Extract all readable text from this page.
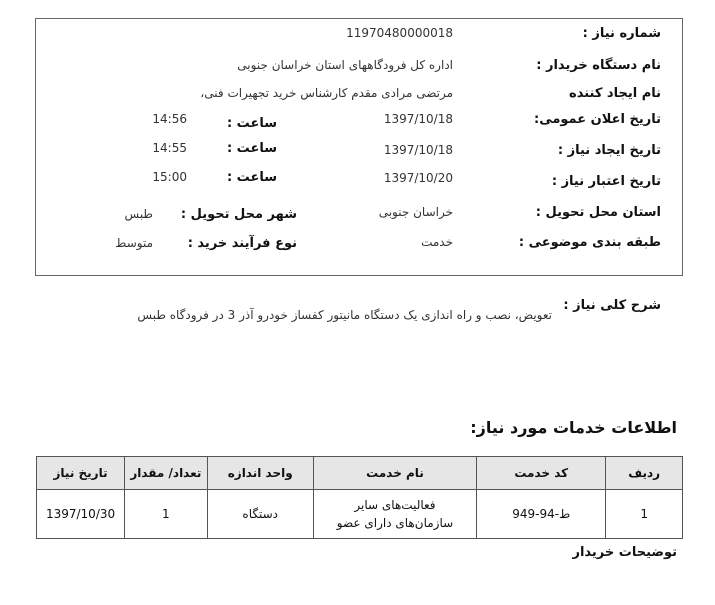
شماره نیاز :
11970480000018
نام دستگاه خریدار :
اداره کل فرودگاههای استان خراسان جنوبی
نام ایجاد کننده
مرتضی مرادی مقدم کارشناس خرید تجهیرات فنی،
تاریخ اعلان عمومی:
1397/10/18
ساعت :
14:56
تاریخ ایجاد نیاز :
1397/10/18
ساعت :
14:55
تاریخ اعتبار نیاز :
1397/10/20
ساعت :
15:00
استان محل تحویل :
خراسان جنوبی
شهر محل تحویل :
طبس
طبقه بندی موضوعی :
خدمت
نوع فرآیند خرید :
متوسط
شرح کلی نیاز :
تعویض، نصب و راه اندازی یک دستگاه مانیتور کفساز خودرو آذر 3 در فرودگاه طبس
اطلاعات خدمات مورد نیاز:
ردیف	کد خدمت	نام خدمت	واحد اندازه	تعداد/ مقدار	تاریخ نیاز
1	ط-94-949	فعالیت‌های سایر
سازمان‌های دارای عضو	دستگاه	1	1397/10/30
توضیحات خریدار
